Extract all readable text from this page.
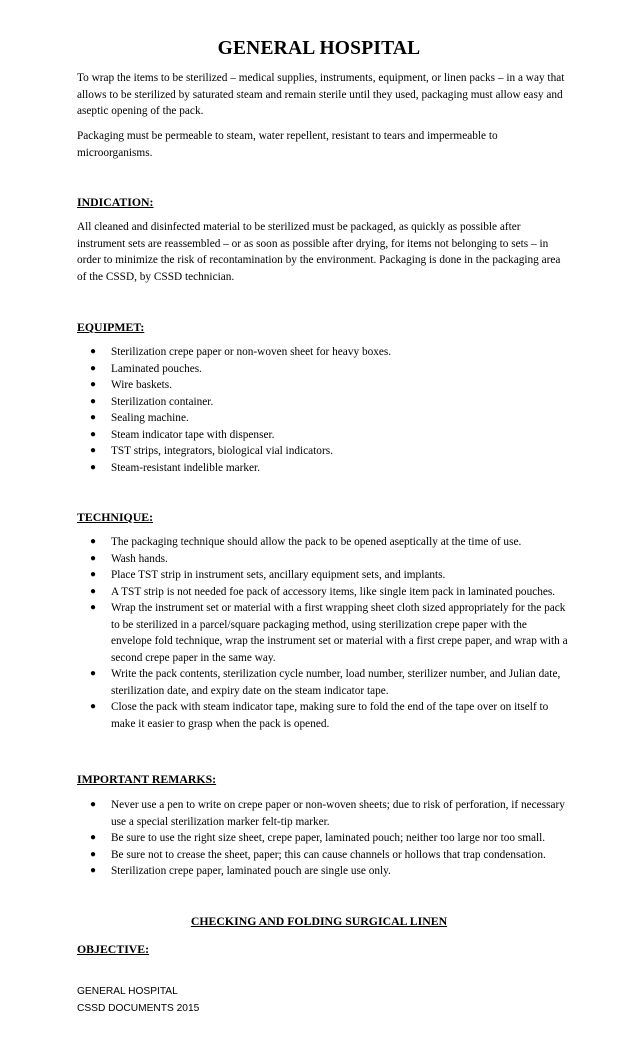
GENERAL HOSPITAL

To wrap the items to be sterilized – medical supplies, instruments, equipment, or linen packs – in a way that allows to be sterilized by saturated steam and remain sterile until they used, packaging must allow easy and aseptic opening of the pack.

Packaging must be permeable to steam, water repellent, resistant to tears and impermeable to microorganisms.

INDICATION:

All cleaned and disinfected material to be sterilized must be packaged, as quickly as possible after instrument sets are reassembled – or as soon as possible after drying, for items not belonging to sets – in order to minimize the risk of recontamination by the environment. Packaging is done in the packaging area of the CSSD, by CSSD technician.

EQUIPMET:

● Sterilization crepe paper or non-woven sheet for heavy boxes.
● Laminated pouches.
● Wire baskets.
● Sterilization container.
● Sealing machine.
● Steam indicator tape with dispenser.
● TST strips, integrators, biological vial indicators.
● Steam-resistant indelible marker.

TECHNIQUE:

● The packaging technique should allow the pack to be opened aseptically at the time of use.
● Wash hands.
● Place TST strip in instrument sets, ancillary equipment sets, and implants.
● A TST strip is not needed foe pack of accessory items, like single item pack in laminated pouches.
● Wrap the instrument set or material with a first wrapping sheet cloth sized appropriately for the pack to be sterilized in a parcel/square packaging method, using sterilization crepe paper with the envelope fold technique, wrap the instrument set or material with a first crepe paper, and wrap with a second crepe paper in the same way.
● Write the pack contents, sterilization cycle number, load number, sterilizer number, and Julian date, sterilization date, and expiry date on the steam indicator tape.
● Close the pack with steam indicator tape, making sure to fold the end of the tape over on itself to make it easier to grasp when the pack is opened.

IMPORTANT REMARKS:

● Never use a pen to write on crepe paper or non-woven sheets; due to risk of perforation, if necessary use a special sterilization marker felt-tip marker.
● Be sure to use the right size sheet, crepe paper, laminated pouch; neither too large nor too small.
● Be sure not to crease the sheet, paper; this can cause channels or hollows that trap condensation.
● Sterilization crepe paper, laminated pouch are single use only.
CHECKING AND FOLDING SURGICAL LINEN

OBJECTIVE:

GENERAL HOSPITAL
CSSD DOCUMENTS 2015
